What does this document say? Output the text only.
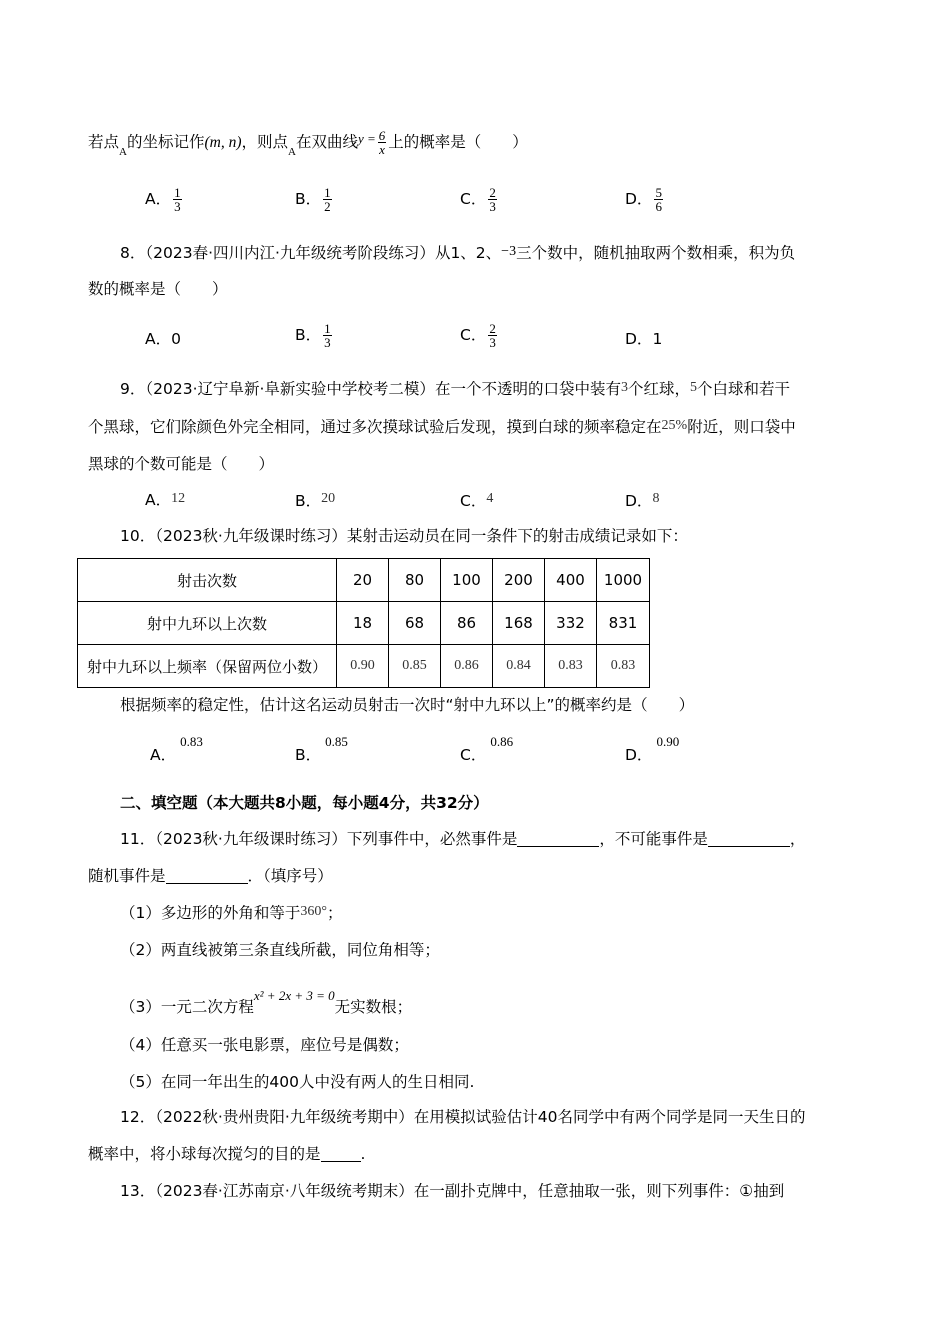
若点$_A$的坐标记作(m, n)，则点$_A$在双曲线$^{y =} \frac{6}{x}$ 上的概率是（　　）
A． $\frac{1}{3}$	B． $\frac{1}{2}$	C． $\frac{2}{3}$	D． $\frac{5}{6}$
8．（2023春·四川内江·九年级统考阶段练习）从1、2、−3三个数中，随机抽取两个数相乘，积为负
数的概率是（　　）
A．0	B． $\frac{1}{3}$	C． $\frac{2}{3}$	D．1
9．（2023·辽宁阜新·阜新实验中学校考二模）在一个不透明的口袋中装有3个红球，5个白球和若干
个黑球，它们除颜色外完全相同，通过多次摸球试验后发现，摸到白球的频率稳定在25%附近，则口袋中
黑球的个数可能是（　　）
A．12	B．20	C．4	D．8
10．（2023秋·九年级课时练习）某射击运动员在同一条件下的射击成绩记录如下：
射击次数	20	80	100	200	400	1000
射中九环以上次数	18	68	86	168	332	831
射中九环以上频率（保留两位小数）	0.90	0.85	0.86	0.84	0.83	0.83
根据频率的稳定性，估计这名运动员射击一次时“射中九环以上”的概率约是（　　）
A．$^{0.83}$
B．$^{0.85}$
C．$^{0.86}$
D．$^{0.90}$
二、填空题（本大题共8小题，每小题4分，共32分）
11．（2023秋·九年级课时练习）下列事件中，必然事件是	，不可能事件是	，
随机事件是	．（填序号）
（1）多边形的外角和等于360°；
（2）两直线被第三条直线所截，同位角相等；
（3）一元二次方程$^{x^2 + 2x + 3 = 0}$无实数根；
（4）任意买一张电影票，座位号是偶数；
（5）在同一年出生的400人中没有两人的生日相同.
12．（2022秋·贵州贵阳·九年级统考期中）在用模拟试验估计40名同学中有两个同学是同一天生日的
概率中，将小球每次搅匀的目的是	.
13．（2023春·江苏南京·八年级统考期末）在一副扑克牌中，任意抽取一张，则下列事件：①抽到
